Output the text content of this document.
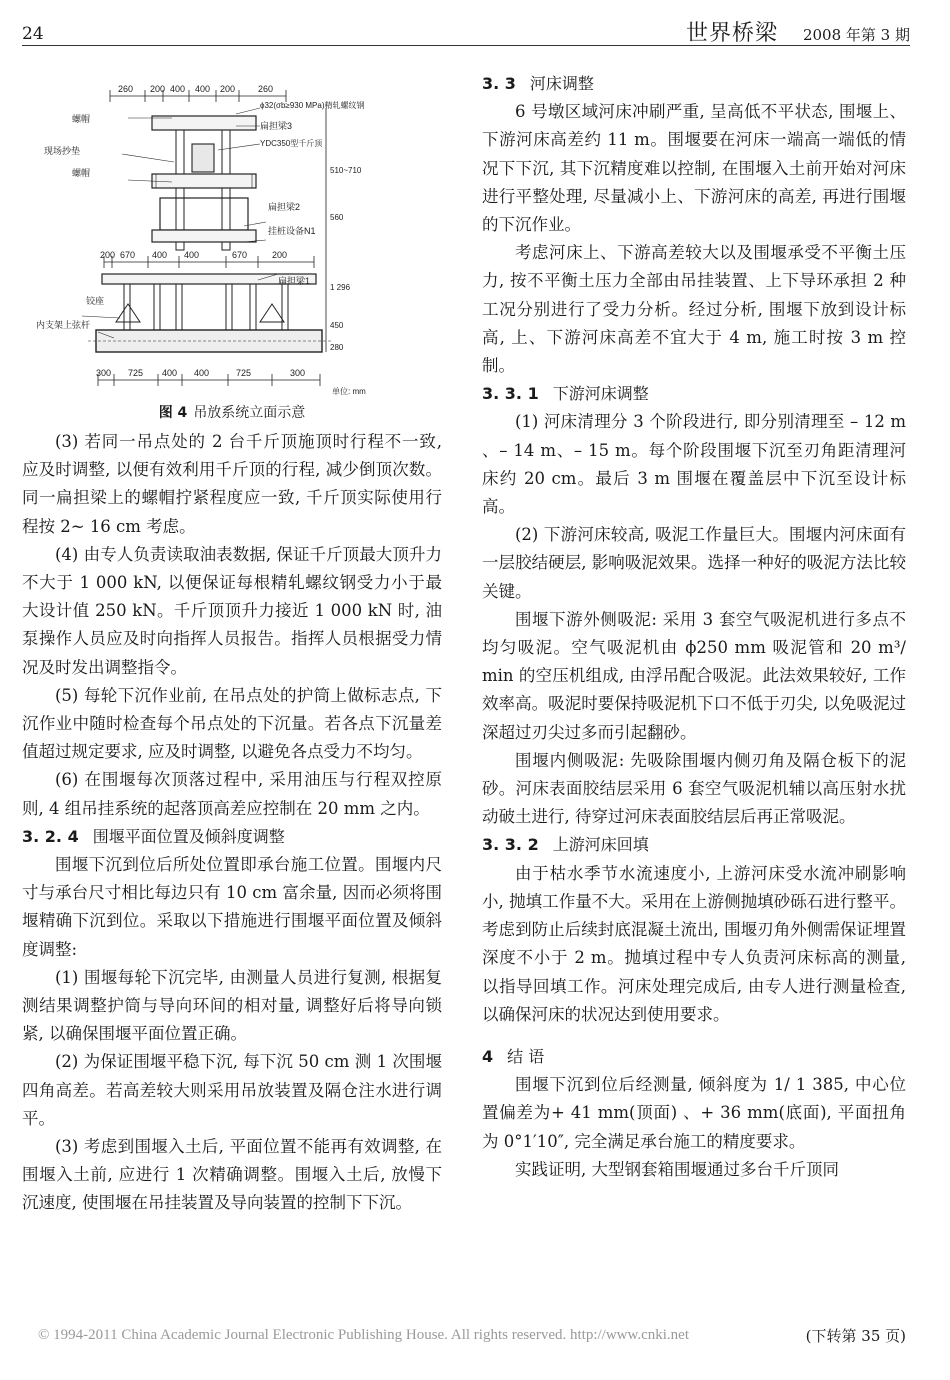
24	世界桥梁 2008 年第 3 期
260 200 400 400 200	260
200 670 400 400	670	200
300 725 400 400	725	300
510~710
560
1 296
450
280
螺帽
ϕ32(σb≥930 MPa)精轧螺纹钢
扁担梁3
现场抄垫
YDC350型千斤顶
螺帽
扁担梁2
挂桩设备N1
扁担梁1
铰座
内支架上弦杆
单位: mm
图 4 吊放系统立面示意

(3) 若同一吊点处的 2 台千斤顶施顶时行程不一致, 应及时调整, 以便有效利用千斤顶的行程, 减少倒顶次数。同一扁担梁上的螺帽拧紧程度应一致, 千斤顶实际使用行程按 2~ 16 cm 考虑。

(4) 由专人负责读取油表数据, 保证千斤顶最大顶升力不大于 1 000 kN, 以便保证每根精轧螺纹钢受力小于最大设计值 250 kN。千斤顶顶升力接近 1 000 kN 时, 油泵操作人员应及时向指挥人员报告。指挥人员根据受力情况及时发出调整指令。

(5) 每轮下沉作业前, 在吊点处的护筒上做标志点, 下沉作业中随时检查每个吊点处的下沉量。若各点下沉量差值超过规定要求, 应及时调整, 以避免各点受力不均匀。

(6) 在围堰每次顶落过程中, 采用油压与行程双控原则, 4 组吊挂系统的起落顶高差应控制在 20 mm 之内。

3. 2. 4 围堰平面位置及倾斜度调整

围堰下沉到位后所处位置即承台施工位置。围堰内尺寸与承台尺寸相比每边只有 10 cm 富余量, 因而必须将围堰精确下沉到位。采取以下措施进行围堰平面位置及倾斜度调整:

(1) 围堰每轮下沉完毕, 由测量人员进行复测, 根据复测结果调整护筒与导向环间的相对量, 调整好后将导向锁紧, 以确保围堰平面位置正确。

(2) 为保证围堰平稳下沉, 每下沉 50 cm 测 1 次围堰四角高差。若高差较大则采用吊放装置及隔仓注水进行调平。

(3) 考虑到围堰入土后, 平面位置不能再有效调整, 在围堰入土前, 应进行 1 次精确调整。围堰入土后, 放慢下沉速度, 使围堰在吊挂装置及导向装置的控制下下沉。

3. 3 河床调整

6 号墩区域河床冲刷严重, 呈高低不平状态, 围堰上、下游河床高差约 11 m。围堰要在河床一端高一端低的情况下下沉, 其下沉精度难以控制, 在围堰入土前开始对河床进行平整处理, 尽量减小上、下游河床的高差, 再进行围堰的下沉作业。

考虑河床上、下游高差较大以及围堰承受不平衡土压力, 按不平衡土压力全部由吊挂装置、上下导环承担 2 种工况分别进行了受力分析。经过分析, 围堰下放到设计标高, 上、下游河床高差不宜大于 4 m, 施工时按 3 m 控制。

3. 3. 1 下游河床调整

(1) 河床清理分 3 个阶段进行, 即分别清理至 – 12 m 、– 14 m、– 15 m。每个阶段围堰下沉至刃角距清理河床约 20 cm。最后 3 m 围堰在覆盖层中下沉至设计标高。

(2) 下游河床较高, 吸泥工作量巨大。围堰内河床面有一层胶结硬层, 影响吸泥效果。选择一种好的吸泥方法比较关键。

围堰下游外侧吸泥: 采用 3 套空气吸泥机进行多点不均匀吸泥。空气吸泥机由 ϕ250 mm 吸泥管和 20 m³/ min 的空压机组成, 由浮吊配合吸泥。此法效果较好, 工作效率高。吸泥时要保持吸泥机下口不低于刃尖, 以免吸泥过深超过刃尖过多而引起翻砂。

围堰内侧吸泥: 先吸除围堰内侧刃角及隔仓板下的泥砂。河床表面胶结层采用 6 套空气吸泥机辅以高压射水扰动破土进行, 待穿过河床表面胶结层后再正常吸泥。

3. 3. 2 上游河床回填

由于枯水季节水流速度小, 上游河床受水流冲刷影响小, 抛填工作量不大。采用在上游侧抛填砂砾石进行整平。考虑到防止后续封底混凝土流出, 围堰刃角外侧需保证埋置深度不小于 2 m。抛填过程中专人负责河床标高的测量, 以指导回填工作。河床处理完成后, 由专人进行测量检查, 以确保河床的状况达到使用要求。

4 结 语

围堰下沉到位后经测量, 倾斜度为 1/ 1 385, 中心位置偏差为+ 41 mm(顶面) 、+ 36 mm(底面), 平面扭角为 0°1′10″, 完全满足承台施工的精度要求。

实践证明, 大型钢套箱围堰通过多台千斤顶同

© 1994-2011 China Academic Journal Electronic Publishing House. All rights reserved. http://www.cnki.net	(下转第 35 页)
